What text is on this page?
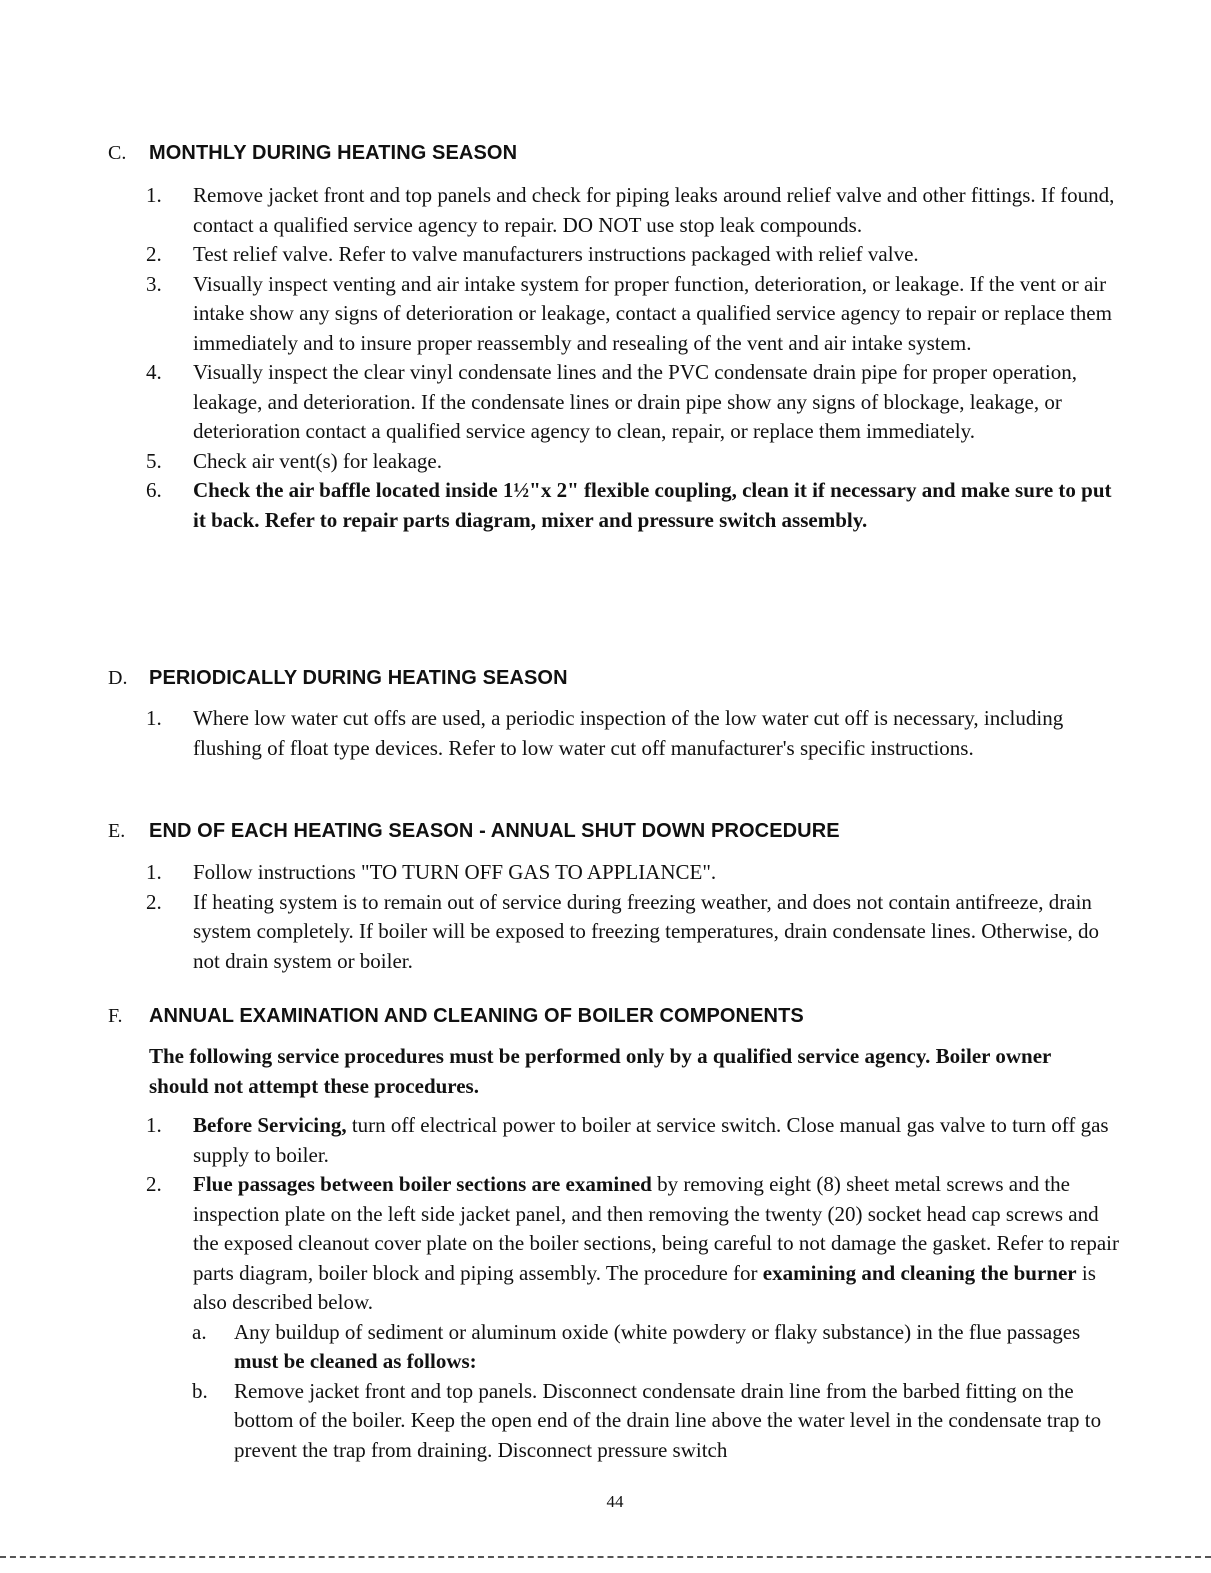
C. MONTHLY DURING HEATING SEASON
1. Remove jacket front and top panels and check for piping leaks around relief valve and other fittings. If found, contact a qualified service agency to repair. DO NOT use stop leak compounds.
2. Test relief valve. Refer to valve manufacturers instructions packaged with relief valve.
3. Visually inspect venting and air intake system for proper function, deterioration, or leakage. If the vent or air intake show any signs of deterioration or leakage, contact a qualified service agency to repair or replace them immediately and to insure proper reassembly and resealing of the vent and air intake system.
4. Visually inspect the clear vinyl condensate lines and the PVC condensate drain pipe for proper operation, leakage, and deterioration. If the condensate lines or drain pipe show any signs of blockage, leakage, or deterioration contact a qualified service agency to clean, repair, or replace them immediately.
5. Check air vent(s) for leakage.
6. Check the air baffle located inside 1½"x 2" flexible coupling, clean it if necessary and make sure to put it back. Refer to repair parts diagram, mixer and pressure switch assembly.
D. PERIODICALLY DURING HEATING SEASON
1. Where low water cut offs are used, a periodic inspection of the low water cut off is necessary, including flushing of float type devices. Refer to low water cut off manufacturer's specific instructions.
E. END OF EACH HEATING SEASON - ANNUAL SHUT DOWN PROCEDURE
1. Follow instructions "TO TURN OFF GAS TO APPLIANCE".
2. If heating system is to remain out of service during freezing weather, and does not contain antifreeze, drain system completely. If boiler will be exposed to freezing temperatures, drain condensate lines. Otherwise, do not drain system or boiler.
F. ANNUAL EXAMINATION AND CLEANING OF BOILER COMPONENTS
The following service procedures must be performed only by a qualified service agency. Boiler owner should not attempt these procedures.
1. Before Servicing, turn off electrical power to boiler at service switch. Close manual gas valve to turn off gas supply to boiler.
2. Flue passages between boiler sections are examined by removing eight (8) sheet metal screws and the inspection plate on the left side jacket panel, and then removing the twenty (20) socket head cap screws and the exposed cleanout cover plate on the boiler sections, being careful to not damage the gasket. Refer to repair parts diagram, boiler block and piping assembly. The procedure for examining and cleaning the burner is also described below.
a. Any buildup of sediment or aluminum oxide (white powdery or flaky substance) in the flue passages must be cleaned as follows:
b. Remove jacket front and top panels. Disconnect condensate drain line from the barbed fitting on the bottom of the boiler. Keep the open end of the drain line above the water level in the condensate trap to prevent the trap from draining. Disconnect pressure switch
44
